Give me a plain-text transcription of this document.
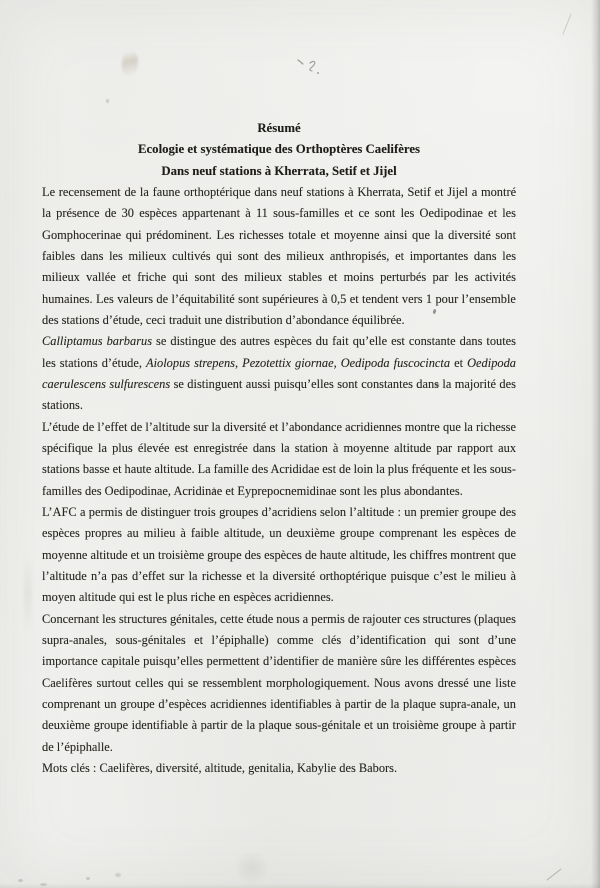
Résumé
Ecologie et systématique des Orthoptères Caelifères
Dans neuf stations à Kherrata, Setif et Jijel
Le recensement de la faune orthoptérique dans neuf stations à Kherrata, Setif et Jijel a montré
la présence de 30 espèces appartenant à 11 sous-familles et ce sont les Oedipodinae et les
Gomphocerinae qui prédominent. Les richesses totale et moyenne ainsi que la diversité sont
faibles dans les milieux cultivés qui sont des milieux anthropisés, et importantes dans les
milieux vallée et friche qui sont des milieux stables et moins perturbés par les activités
humaines. Les valeurs de l’équitabilité sont supérieures à 0,5 et tendent vers 1 pour l’ensemble
des stations d’étude, ceci traduit une distribution d’abondance équilibrée.
Calliptamus barbarus se distingue des autres espèces du fait qu’elle est constante dans toutes
les stations d’étude, Aiolopus strepens, Pezotettix giornae, Oedipoda fuscocincta et Oedipoda
caerulescens sulfurescens se distinguent aussi puisqu’elles sont constantes dans la majorité des
stations.
L’étude de l’effet de l’altitude sur la diversité et l’abondance acridiennes montre que la richesse
spécifique la plus élevée est enregistrée dans la station à moyenne altitude par rapport aux
stations basse et haute altitude. La famille des Acrididae est de loin la plus fréquente et les sous-
familles des Oedipodinae, Acridinae et Eyprepocnemidinae sont les plus abondantes.
L’AFC a permis de distinguer trois groupes d’acridiens selon l’altitude : un premier groupe des
espèces propres au milieu à faible altitude, un deuxième groupe comprenant les espèces de
moyenne altitude et un troisième groupe des espèces de haute altitude, les chiffres montrent que
l’altitude n’a pas d’effet sur la richesse et la diversité orthoptérique puisque c’est le milieu à
moyen altitude qui est le plus riche en espèces acridiennes.
Concernant les structures génitales, cette étude nous a permis de rajouter ces structures (plaques
supra-anales, sous-génitales et l’épiphalle) comme clés d’identification qui sont d’une
importance capitale puisqu’elles permettent d’identifier de manière sûre les différentes espèces
Caelifères surtout celles qui se ressemblent morphologiquement. Nous avons dressé une liste
comprenant un groupe d’espèces acridiennes identifiables à partir de la plaque supra-anale, un
deuxième groupe identifiable à partir de la plaque sous-génitale et un troisième groupe à partir
de l’épiphalle.
Mots clés : Caelifères, diversité, altitude, genitalia, Kabylie des Babors.
